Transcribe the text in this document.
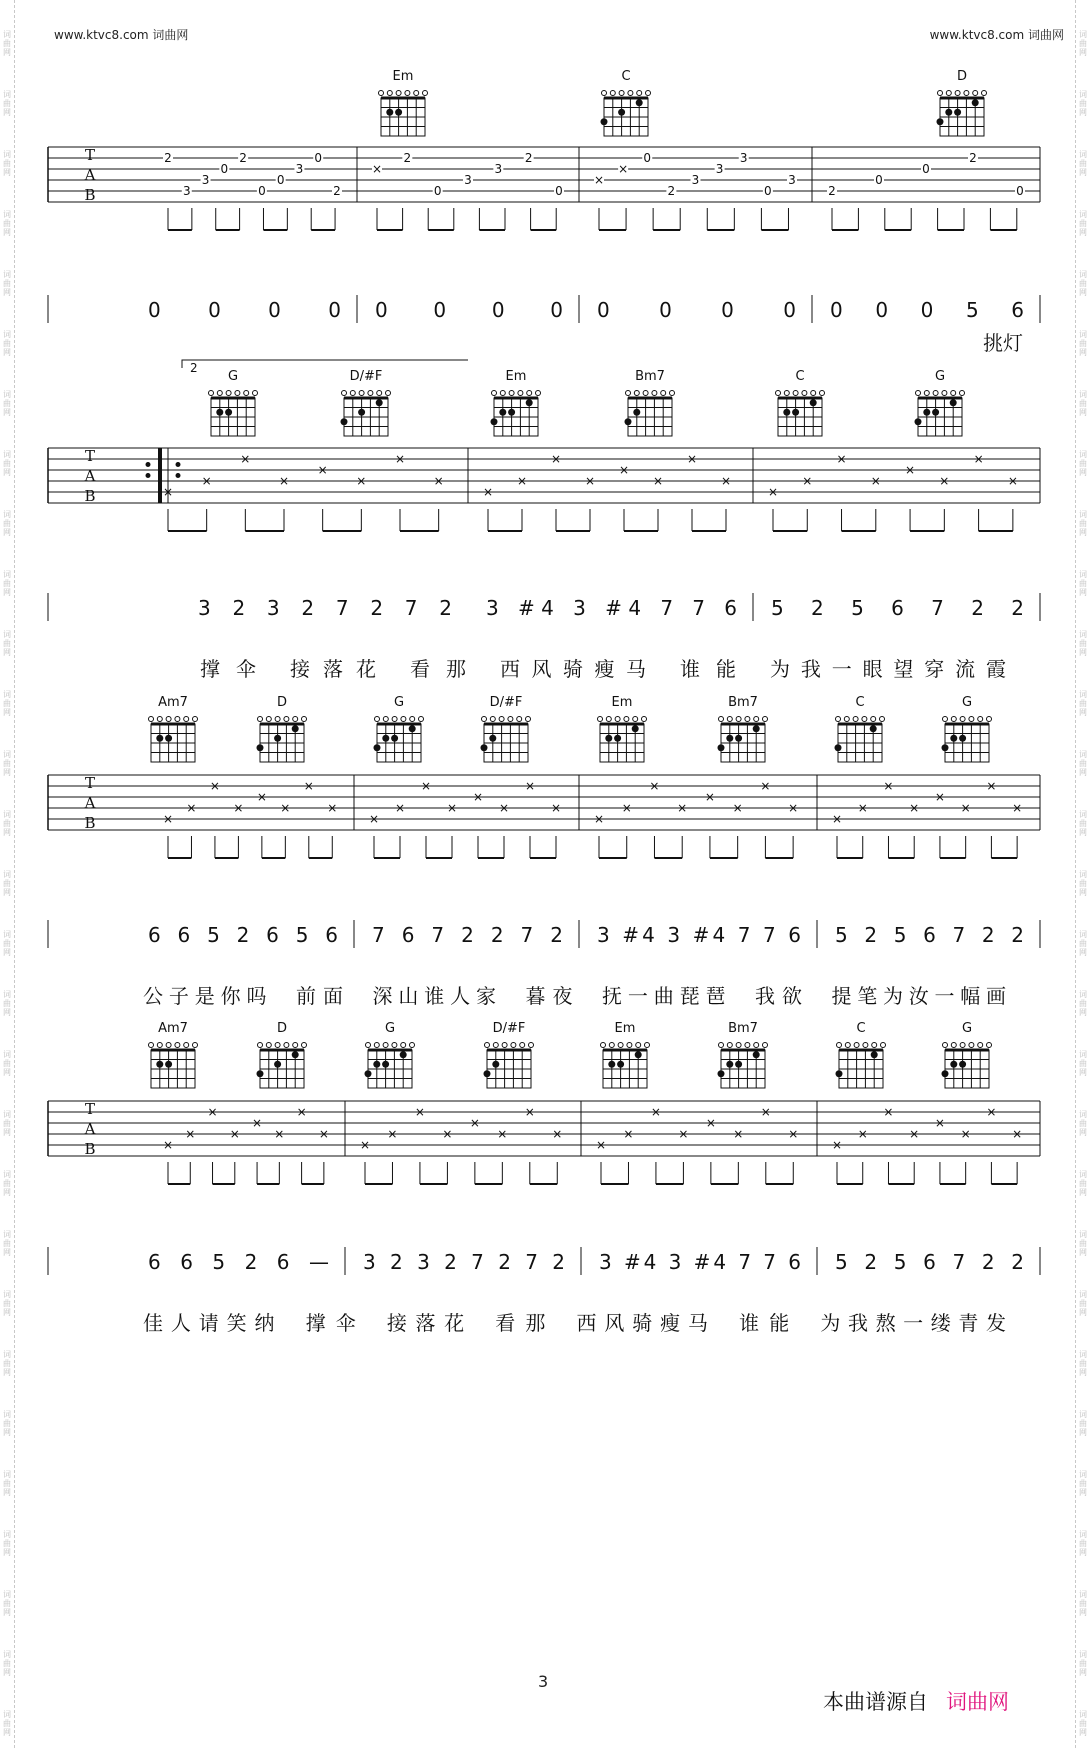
词
曲
网
词
曲
网
词
曲
网
词
曲
网
词
曲
网
词
曲
网
词
曲
网
词
曲
网
词
曲
网
词
曲
网
词
曲
网
词
曲
网
词
曲
网
词
曲
网
词
曲
网
词
曲
网
词
曲
网
词
曲
网
词
曲
网
词
曲
网
词
曲
网
词
曲
网
词
曲
网
词
曲
网
词
曲
网
词
曲
网
词
曲
网
词
曲
网
词
曲
网
词
曲
网
词
曲
网
词
曲
网
词
曲
网
词
曲
网
词
曲
网
词
曲
网
词
曲
网
词
曲
网
词
曲
网
词
曲
网
词
曲
网
词
曲
网
词
曲
网
词
曲
网
词
曲
网
词
曲
网
词
曲
网
词
曲
网
词
曲
网
词
曲
网
词
曲
网
词
曲
网
词
曲
网
词
曲
网
词
曲
网
词
曲
网
词
曲
网
词
曲
网
www.ktvc8.com 词曲网	www.ktvc8.com 词曲网
T
A
B
0 0 0 0 0 0 0 0 0 0 0 0 0 0 0 5 6
Em	C	D
2
3
3
0
2
0
0
3
0
2
×
2
0
3
3
2
0
×
×
0
2
3
3
3
0
3
2
0
0
2
0
挑灯
T
A
B
2
×
×
×
×
×
×
×
×
×
×
×
×
×
×
×
×
×
×
×
×
×
×
×
×
3 2 3 2 7 2 7 2 3 #4 3 #4 7 7 6 5 2 5 6 7 2 2
撑伞 接落花 看那 西风骑瘦马 谁能 为我一眼望穿流霞
G	D/#F	Em	Bm7	C	G
T
A
B	×
×
×
×
×
×
×
×
×
×
×
×
×
×
×
×
×
×
×
×
×
×
×
×
×
×
×
×
×
×
×
×
6 6 5 2 6 5 6 7 6 7 2 2 7 2 3 #4 3 #4 7 7 6 5 2 5 6 7 2 2
公子是你吗 前面 深山谁人家 暮夜 抚一曲琵琶 我欲 提笔为汝一幅画
Am7	D	G	D/#F	Em	Bm7	C	G
T
A
B	×
×
×
×
×
×
×
×
×
×
×
×
×
×
×
×
×
×
×
×
×
×
×
×
×
×
×
×
×
×
×
×
6 6 5 2 6 — 3 2 3 2 7 2 7 2 3 #4 3 #4 7 7 6 5 2 5 6 7 2 2
佳人请笑纳 撑伞 接落花 看那 西风骑瘦马 谁能 为我熬一缕青发
Am7	D	G	D/#F	Em	Bm7	C	G
3
本曲谱源自 词曲网
